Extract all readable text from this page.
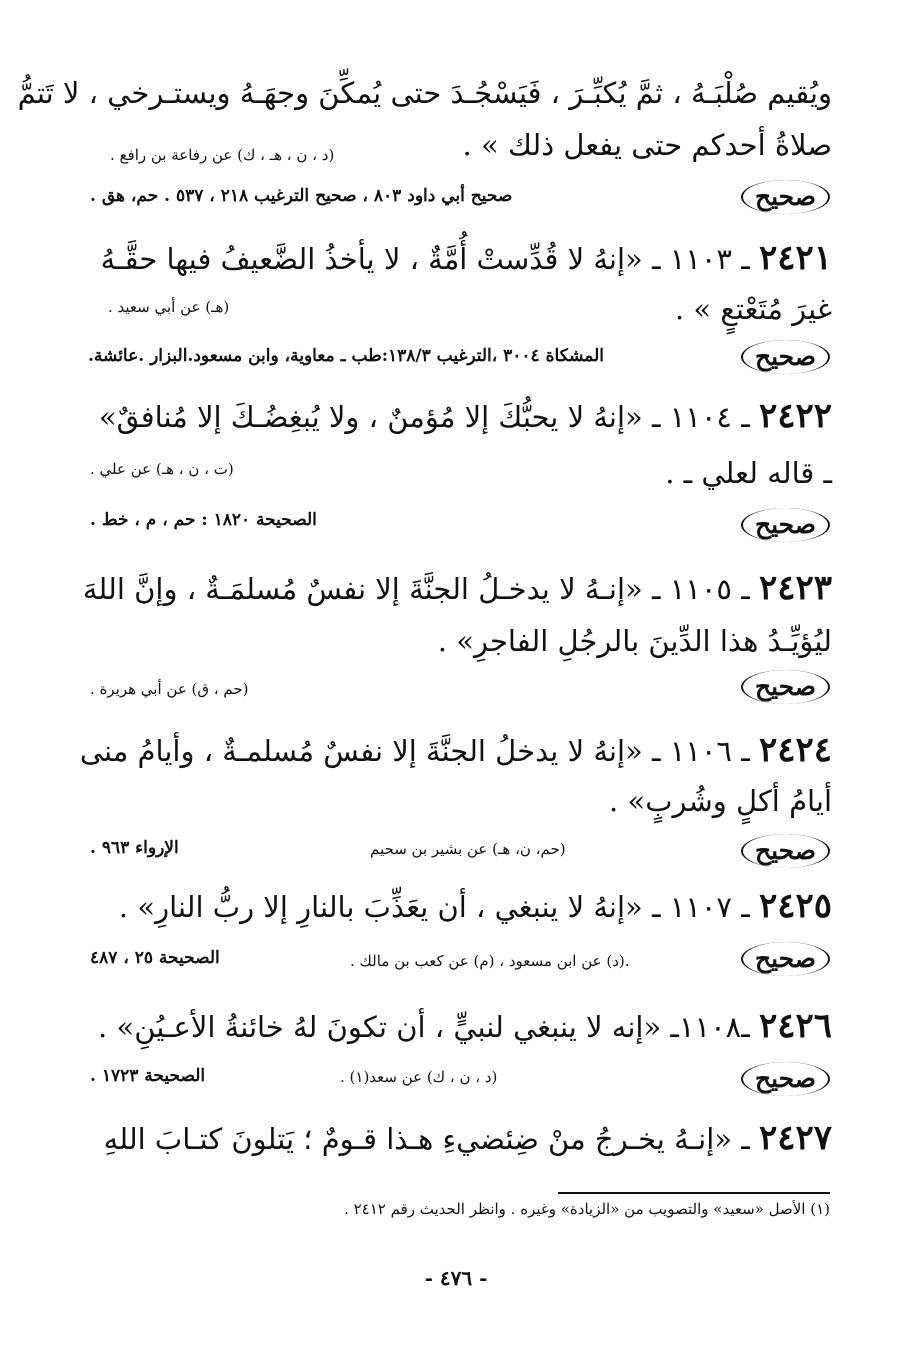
ويُقيم صُلْبَـهُ ، ثمَّ يُكبِّـرَ ، فَيَسْجُـدَ حتى يُمكِّنَ وجهَـهُ ويستـرخي ، لا تَتمُّ
صلاةُ أحدكم حتى يفعل ذلك » .
(د ، ن ، هـ ، ك) عن رفاعة بن رافع .
صحيح
صحيح أبي داود ٨٠٣ ، صحيح الترغيب ٢١٨ ، ٥٣٧ . حم، هق .
٢٤٢١ ـ ١١٠٣ ـ «إنهُ لا قُدِّستْ أُمَّةٌ ، لا يأخذُ الضَّعيفُ فيها حقَّـهُ
غيرَ مُتَعْتعٍ » .
(هـ) عن أبي سعيد .
صحيح
المشكاة ٣٠٠٤ ،الترغيب ١٣٨/٣:طب ـ معاوية، وابن مسعود.البزار .عائشة.
٢٤٢٢ ـ ١١٠٤ ـ «إنهُ لا يحبُّكَ إلا مُؤمنٌ ، ولا يُبغِضُـكَ إلا مُنافقٌ»
ـ قاله لعلي ـ .
(ت ، ن ، هـ) عن علي .
صحيح
الصحيحة ١٨٢٠ : حم ، م ، خط .
٢٤٢٣ ـ ١١٠٥ ـ «إنـهُ لا يدخـلُ الجنَّةَ إلا نفسٌ مُسلمَـةٌ ، وإنَّ اللهَ
ليُؤيِّـدُ هذا الدِّينَ بالرجُلِ الفاجرِ» .
صحيح
(حم ، ق) عن أبي هريرة .
٢٤٢٤ ـ ١١٠٦ ـ «إنهُ لا يدخلُ الجنَّةَ إلا نفسٌ مُسلمـةٌ ، وأيامُ منى
أيامُ أكلٍ وشُربٍ» .
صحيح
(حم، ن، هـ) عن بشير بن سحيم
الإرواء ٩٦٣ .
٢٤٢٥ ـ ١١٠٧ ـ «إنهُ لا ينبغي ، أن يعَذِّبَ بالنارِ إلا ربُّ النارِ» .
صحيح
.(د) عن ابن مسعود ، (م) عن كعب بن مالك .
الصحيحة ٢٥ ، ٤٨٧
٢٤٢٦ ـ١١٠٨ـ «إنه لا ينبغي لنبيٍّ ، أن تكونَ لهُ خائنةُ الأعـيُنِ» .
صحيح
(د ، ن ، ك) عن سعد(١) .
الصحيحة ١٧٢٣ .
٢٤٢٧ ـ «إنـهُ يخـرجُ منْ ضِئضيءِ هـذا قـومٌ ؛ يَتلونَ كتـابَ اللهِ
(١) الأصل «سعيد» والتصويب من «الزيادة» وغيره . وانظر الحديث رقم ٢٤١٢ .
- ٤٧٦ -
